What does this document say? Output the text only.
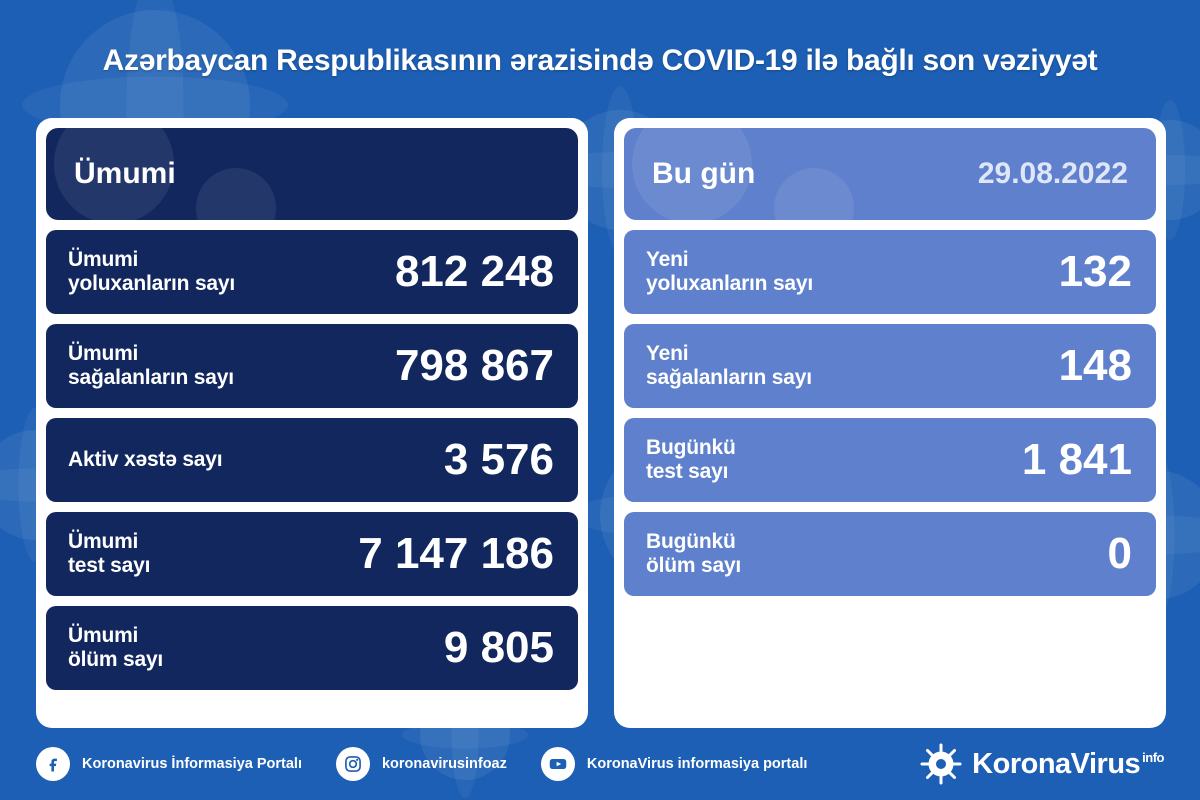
Azərbaycan Respublikasının ərazisində COVID-19 ilə bağlı son vəziyyət
Ümumi
Ümumi
yoluxanların sayı	812 248
Ümumi
sağalanların sayı	798 867
Aktiv xəstə sayı	3 576
Ümumi
test sayı	7 147 186
Ümumi
ölüm sayı	9 805
Bu gün	29.08.2022
Yeni
yoluxanların sayı	132
Yeni
sağalanların sayı	148
Bugünkü
test sayı	1 841
Bugünkü
ölüm sayı	0
Koronavirus İnformasiya Portalı	koronavirusinfoaz	KoronaVirus informasiya portalı	KoronaVirus $^{info}$
